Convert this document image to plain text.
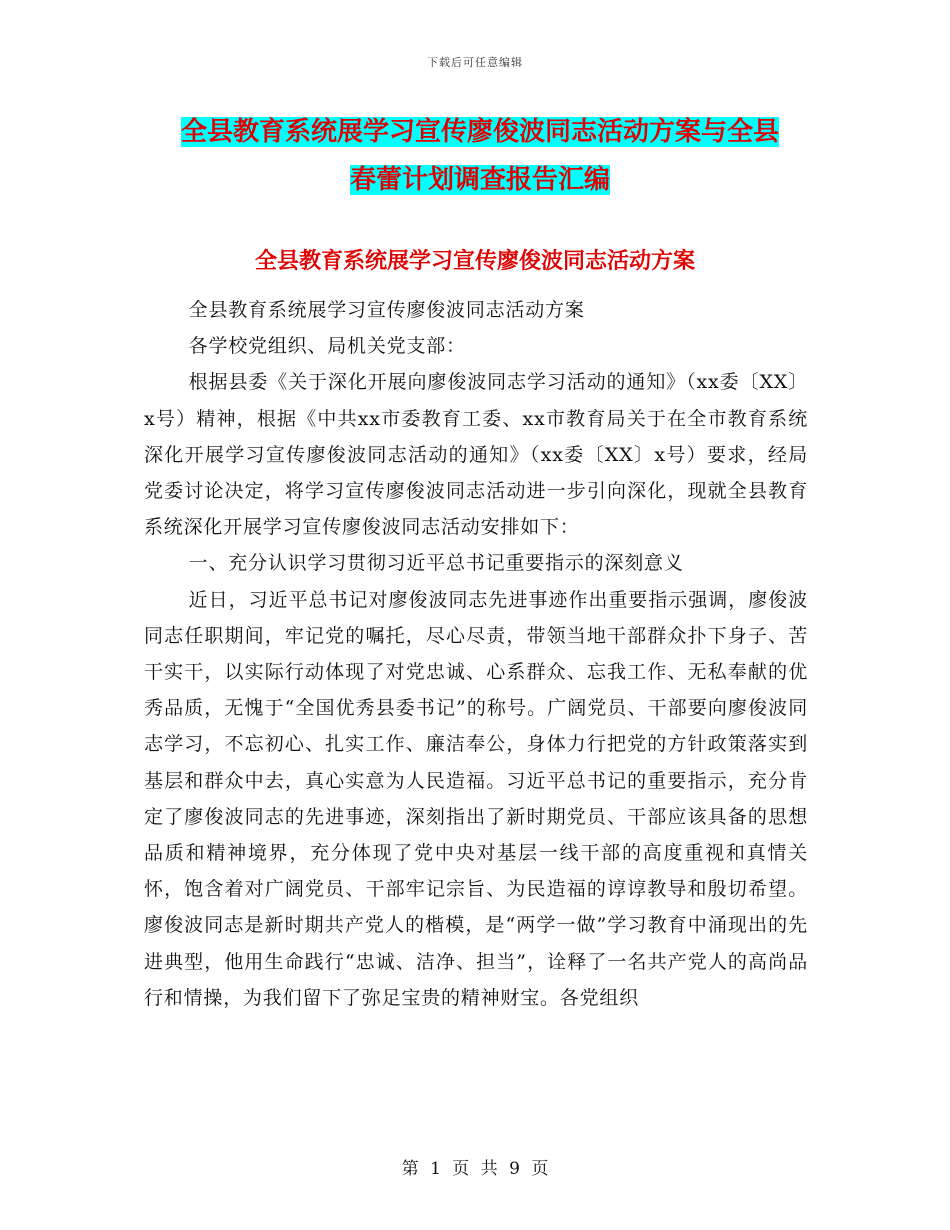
下载后可任意编辑
全县教育系统展学习宣传廖俊波同志活动方案与全县
春蕾计划调查报告汇编
全县教育系统展学习宣传廖俊波同志活动方案

全县教育系统展学习宣传廖俊波同志活动方案

各学校党组织、局机关党支部：

根据县委《关于深化开展向廖俊波同志学习活动的通知》（xx委〔XX〕x号）精神，根据《中共xx市委教育工委、xx市教育局关于在全市教育系统深化开展学习宣传廖俊波同志活动的通知》（xx委〔XX〕x号）要求，经局党委讨论决定，将学习宣传廖俊波同志活动进一步引向深化，现就全县教育系统深化开展学习宣传廖俊波同志活动安排如下：

一、充分认识学习贯彻习近平总书记重要指示的深刻意义

近日，习近平总书记对廖俊波同志先进事迹作出重要指示强调，廖俊波同志任职期间，牢记党的嘱托，尽心尽责，带领当地干部群众扑下身子、苦干实干，以实际行动体现了对党忠诚、心系群众、忘我工作、无私奉献的优秀品质，无愧于“全国优秀县委书记”的称号。广阔党员、干部要向廖俊波同志学习，不忘初心、扎实工作、廉洁奉公，身体力行把党的方针政策落实到基层和群众中去，真心实意为人民造福。习近平总书记的重要指示，充分肯定了廖俊波同志的先进事迹，深刻指出了新时期党员、干部应该具备的思想品质和精神境界，充分体现了党中央对基层一线干部的高度重视和真情关怀，饱含着对广阔党员、干部牢记宗旨、为民造福的谆谆教导和殷切希望。廖俊波同志是新时期共产党人的楷模，是“两学一做”学习教育中涌现出的先进典型，他用生命践行“忠诚、洁净、担当”，诠释了一名共产党人的高尚品行和情操，为我们留下了弥足宝贵的精神财宝。各党组织

第 1 页 共 9 页
